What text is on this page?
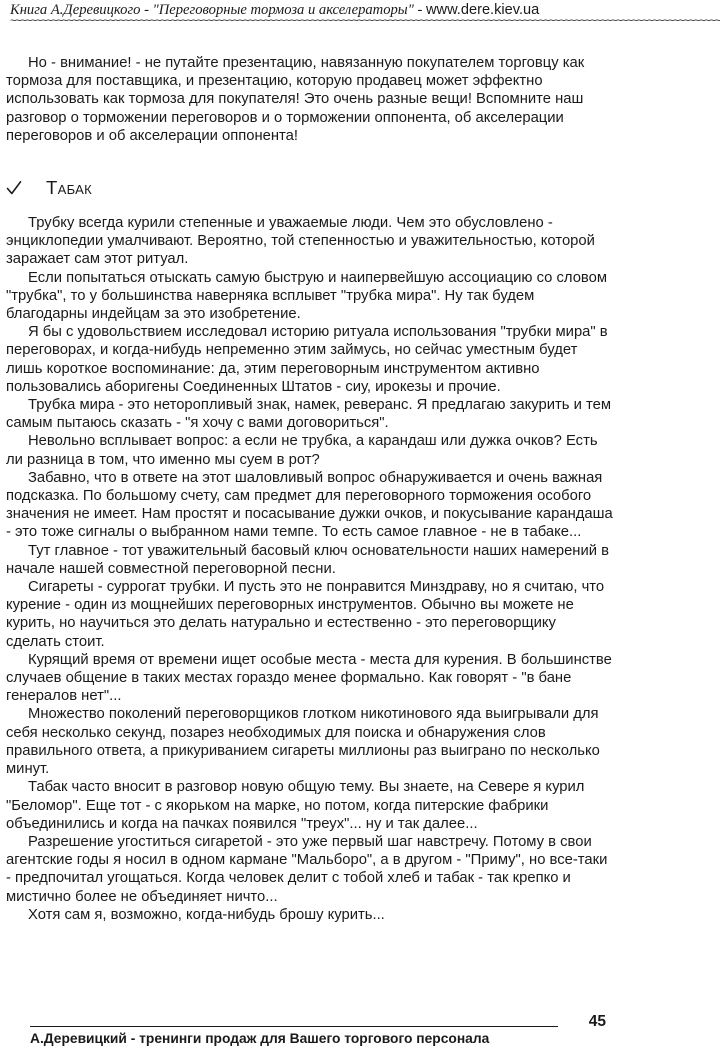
Книга А.Деревицкого - "Переговорные тормоза и акселераторы" - www.dere.kiev.ua
~~~~~~~~~~~~~~~~~~~~~~~~~~~~~~~~~~~~~~~~~~~~~~~~~~~~~~~~~~~~~~~~~~~~~~~~~~~~~~~~~~~~~~~~~~~~~~~~~~~~~~~~~~~~~~~~~~~~~~~~~~~~~~~~~~~~~~~~~

Но - внимание! - не путайте презентацию, навязанную покупателем торговцу как тормоза для поставщика, и презентацию, которую продавец может эффектно использовать как тормоза для покупателя! Это очень разные вещи! Вспомните наш разговор о торможении переговоров и о торможении оппонента, об акселерации переговоров и об акселерации оппонента!

Табак

Трубку всегда курили степенные и уважаемые люди. Чем это обусловлено - энциклопедии умалчивают. Вероятно, той степенностью и уважительностью, которой заражает сам этот ритуал.

Если попытаться отыскать самую быструю и наипервейшую ассоциацию со словом "трубка", то у большинства наверняка всплывет "трубка мира". Ну так будем благодарны индейцам за это изобретение.

Я бы с удовольствием исследовал историю ритуала использования "трубки мира" в переговорах, и когда-нибудь непременно этим займусь, но сейчас уместным будет лишь короткое воспоминание: да, этим переговорным инструментом активно пользовались аборигены Соединенных Штатов - сиу, ирокезы и прочие.

Трубка мира - это неторопливый знак, намек, реверанс. Я предлагаю закурить и тем самым пытаюсь сказать - "я хочу с вами договориться".

Невольно всплывает вопрос: а если не трубка, а карандаш или дужка очков? Есть ли разница в том, что именно мы суем в рот?

Забавно, что в ответе на этот шаловливый вопрос обнаруживается и очень важная подсказка. По большому счету, сам предмет для переговорного торможения особого значения не имеет. Нам простят и посасывание дужки очков, и покусывание карандаша - это тоже сигналы о выбранном нами темпе. То есть самое главное - не в табаке...

Тут главное - тот уважительный басовый ключ основательности наших намерений в начале нашей совместной переговорной песни.

Сигареты - суррогат трубки. И пусть это не понравится Минздраву, но я считаю, что курение - один из мощнейших переговорных инструментов. Обычно вы можете не курить, но научиться это делать натурально и естественно - это переговорщику сделать стоит.

Курящий время от времени ищет особые места - места для курения. В большинстве случаев общение в таких местах гораздо менее формально. Как говорят - "в бане генералов нет"...

Множество поколений переговорщиков глотком никотинового яда выигрывали для себя несколько секунд, позарез необходимых для поиска и обнаружения слов правильного ответа, а прикуриванием сигареты миллионы раз выиграно по несколько минут.

Табак часто вносит в разговор новую общую тему. Вы знаете, на Севере я курил "Беломор". Еще тот - с якорьком на марке, но потом, когда питерские фабрики объединились и когда на пачках появился "треух"... ну и так далее...

Разрешение угоститься сигаретой - это уже первый шаг навстречу. Потому в свои агентские годы я носил в одном кармане "Мальборо", а в другом - "Приму", но все-таки - предпочитал угощаться. Когда человек делит с тобой хлеб и табак - так крепко и мистично более не объединяет ничто...

Хотя сам я, возможно, когда-нибудь брошу курить...

45
А.Деревицкий - тренинги продаж для Вашего торгового персонала
